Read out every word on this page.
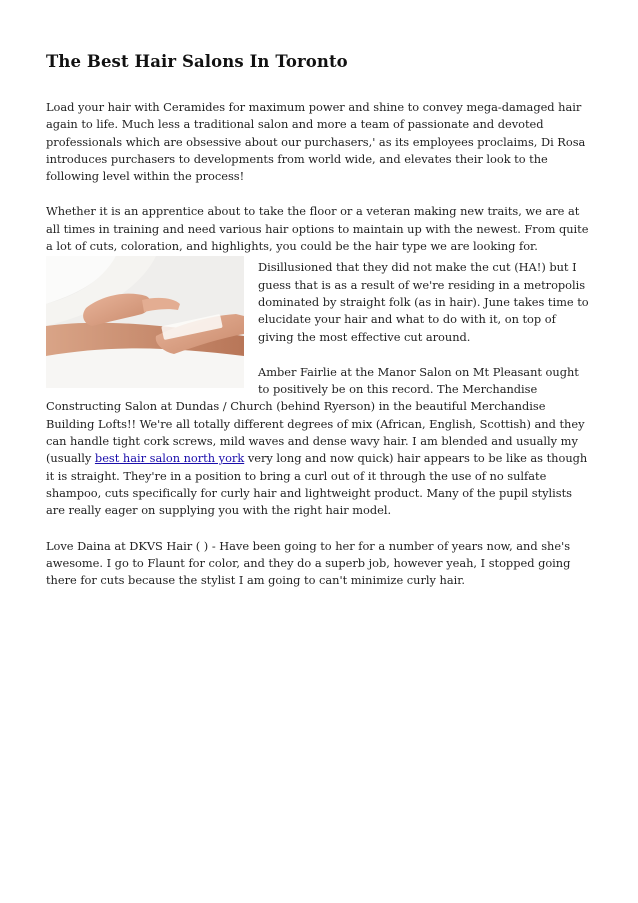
The Best Hair Salons In Toronto

Load your hair with Ceramides for maximum power and shine to convey mega-damaged hair again to life. Much less a traditional salon and more a team of passionate and devoted professionals which are obsessive about our purchasers,' as its employees proclaims, Di Rosa introduces purchasers to developments from world wide, and elevates their look to the following level within the process!

Whether it is an apprentice about to take the floor or a veteran making new traits, we are at all times in training and need various hair options to maintain up with the newest. From quite a lot of cuts, coloration, and highlights, you could be the hair type we are looking for.

Disillusioned that they did not make the cut (HA!) but I guess that is as a result of we're residing in a metropolis dominated by straight folk (as in hair). June takes time to elucidate your hair and what to do with it, on top of giving the most effective cut around.

Amber Fairlie at the Manor Salon on Mt Pleasant ought to positively be on this record. The Merchandise Constructing Salon at Dundas / Church (behind Ryerson) in the beautiful Merchandise Building Lofts!! We're all totally different degrees of mix (African, English, Scottish) and they can handle tight cork screws, mild waves and dense wavy hair. I am blended and usually my (usually best hair salon north york very long and now quick) hair appears to be like as though it is straight. They're in a position to bring a curl out of it through the use of no sulfate shampoo, cuts specifically for curly hair and lightweight product. Many of the pupil stylists are really eager on supplying you with the right hair model.

Love Daina at DKVS Hair ( ) - Have been going to her for a number of years now, and she's awesome. I go to Flaunt for color, and they do a superb job, however yeah, I stopped going there for cuts because the stylist I am going to can't minimize curly hair.
